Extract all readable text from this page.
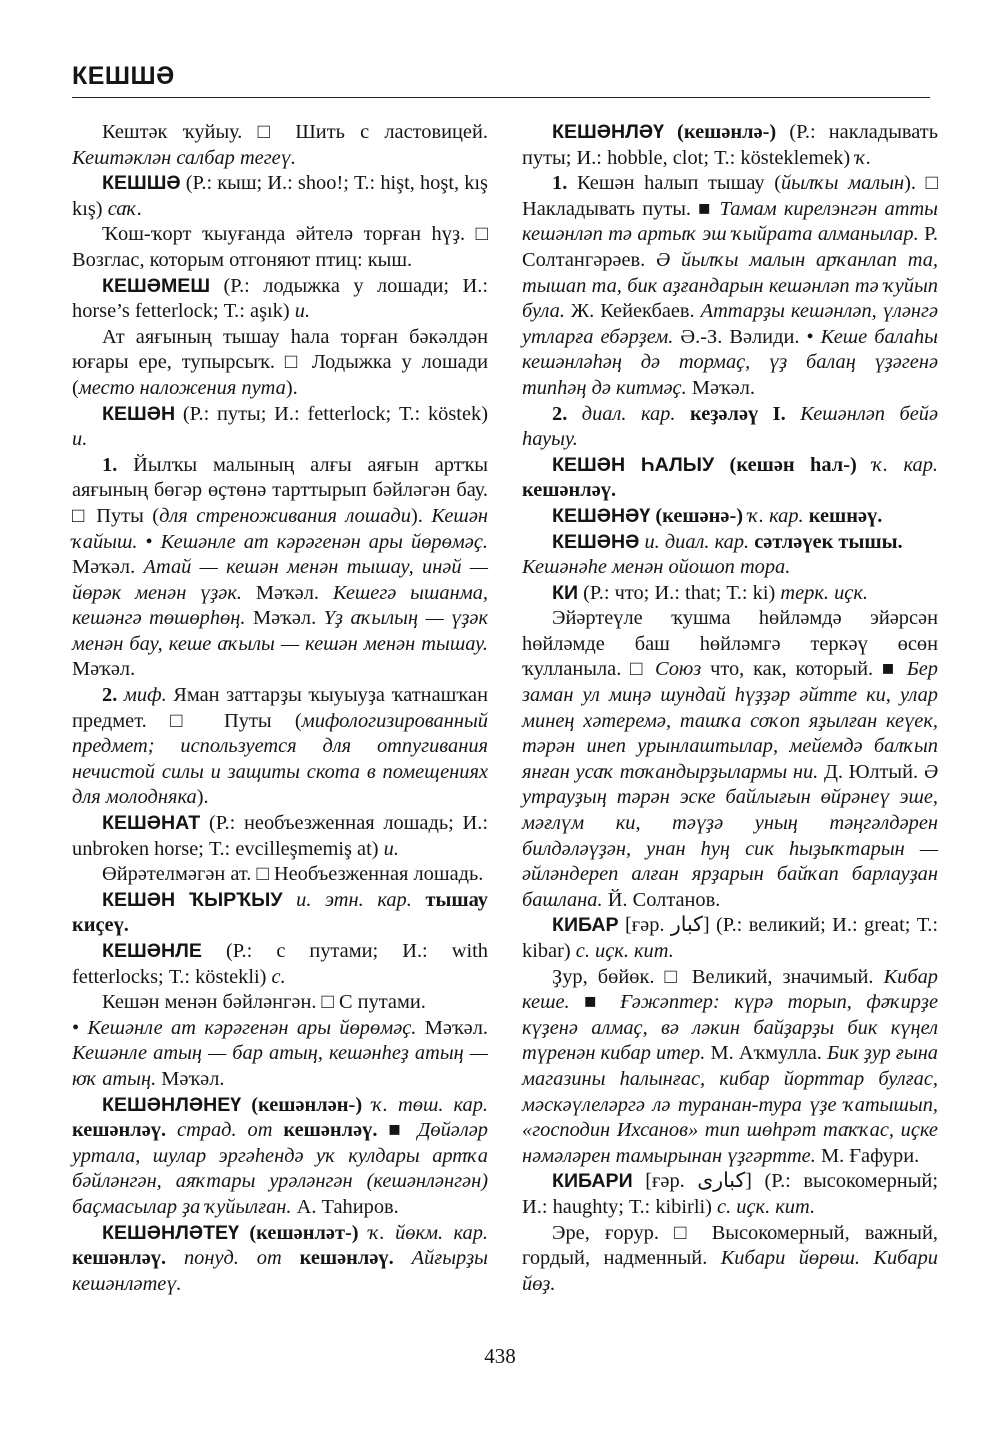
КЕШШӘ

Кештәк ҡуйыу. □ Шить с ластовицей. Кештәклән салбар тегеү.

КЕШШӘ (Р.: кыш; И.: shoo!; Т.: hişt, hoşt, kış kış) саҡ.

Ҡош-ҡорт ҡыуғанда әйтелә торған һүҙ. □ Возглас, которым отгоняют птиц: кыш.

КЕШӘМЕШ (Р.: лодыжка у лошади; И.: horse’s fetterlock; Т.: aşık) и.

Ат аяғының тышау һала торған бәкәлдән юғары ере, тупырсыҡ. □ Лодыжка у лошади (место наложения пута).

КЕШӘН (Р.: путы; И.: fetterlock; Т.: köstek) и.

1. Йылҡы малының алғы аяғын артҡы аяғының бөгәр өҫтөнә тарттырып бәйләгән бау. □ Путы (для стреноживания лошади). Кешән ҡайыш. • Кешәнле ат кәрәгенән ары йөрөмәҫ. Мәҡәл. Атай — кешән менән тышау, инәй — йөрәк менән үҙәк. Мәҡәл. Кешегә ышанма, кешәнгә төшөрһөң. Мәҡәл. Үҙ аҡылың — үҙәк менән бау, кеше аҡылы — кешән менән тышау. Мәҡәл.

2. миф. Яман заттарҙы ҡыуыуҙа ҡатнашҡан предмет. □ Путы (мифологизированный предмет; используется для отпугивания нечистой силы и защиты скота в помещениях для молодняка).

КЕШӘНАТ (Р.: необъезженная лошадь; И.: unbroken horse; Т.: evcilleşmemiş at) и.

Өйрәтелмәгән ат. □ Необъезженная лошадь.

КЕШӘН ҠЫРҠЫУ и. этн. кар. тышау киҫеү.

КЕШӘНЛЕ (Р.: с путами; И.: with fetterlocks; Т.: köstekli) с.

Кешән менән бәйләнгән. □ С путами.

• Кешәнле ат кәрәгенән ары йөрөмәҫ. Мәҡәл. Кешәнле атың — бар атың, кешәнһеҙ атың — юҡ атың. Мәҡәл.

КЕШӘНЛӘНЕҮ (кешәнлән-) ҡ. төш. кар. кешәнләү. страд. от кешәнләү. ■ Дөйәләр уртала, шулар эргәһендә уҡ кулдары артҡа бәйләнгән, аяҡтары урәләнгән (кешәнләнгән) баҫмасылар ҙа ҡуйылған. А. Таһиров.

КЕШӘНЛӘТЕҮ (кешәнләт-) ҡ. йөкм. кар. кешәнләү. понуд. от кешәнләү. Айғырҙы кешәнләтеү.

КЕШӘНЛӘҮ (кешәнлә-) (Р.: накладывать путы; И.: hobble, clot; Т.: kösteklemek) ҡ.

1. Кешән һалып тышау (йылҡы малын). □ Накладывать путы. ■ Тамам кирелэнгән атты кешәнләп тә артыҡ эш ҡыйрата алманылар. Р. Солтангәрәев. Ә йылҡы малын арҡанлап та, тышап та, бик аҙғандарын кешәнләп тә ҡуйып була. Ж. Кейекбаев. Аттарҙы кешәнләп, үләнгә утларға ебәрҙем. Ә.-З. Вәлиди. • Кеше балаһы кешәнләһәң дә тормаҫ, үҙ балаң үҙәгенә типһәң дә китмәҫ. Мәҡәл.

2. диал. кар. кеҙәләү I. Кешәнләп бейә һауыу.

КЕШӘН ҺАЛЫУ (кешән һал-) ҡ. кар. кешәнләү.

КЕШӘНӘҮ (кешәнә-) ҡ. кар. кешнәү.

КЕШӘНӘ и. диал. кар. сәтләүек тышы.

Кешәнәһе менән ойошоп тора.

КИ (Р.: что; И.: that; Т.: ki) терк. иҫк.

Эйәртеүле ҡушма һөйләмдә эйәрсән һөйләмде баш һөйләмгә теркәү өсөн ҡулланыла. □ Союз что, как, который. ■ Бер заман ул миңә шундай һүҙҙәр әйтте ки, улар минең хәтеремә, ташҡа соҡоп яҙылған кеүек, тәрән инеп урынлаштылар, мейемдә балҡып янған усаҡ тоҡандырҙылармы ни. Д. Юлтый. Ә утрауҙың тәрән эске байлығын өйрәнеү эше, мәғлүм ки, тәүҙә уның тәңгәлдәрен билдәләүҙән, унан һуң сик һыҙыҡтарын — әйләндереп алған ярҙарын байҡап барлауҙан башлана. Й. Солтанов.

КИБАР [ғәр. كبار] (Р.: великий; И.: great; Т.: kibar) с. иҫк. кит.

Ҙур, бөйөк. □ Великий, значимый. Кибар кеше. ■ Ғәжәптер: күрә торып, фәҡирҙе күҙенә алмаҫ, вә ләкин байҙарҙы бик күңел түренән кибар итер. М. Аҡмулла. Бик ҙур ғына магазины һалынғас, кибар йорттар булғас, мәскәүлеләргә лә туранан-тура үҙе ҡатышып, «господин Ихсанов» тип шөһрәт таҡҡас, иҫке нәмәләрен тамырынан үҙгәртте. М. Ғафури.

КИБАРИ [ғәр. كبارى] (Р.: высокомерный; И.: haughty; Т.: kibirli) с. иҫк. кит.

Эре, ғорур. □ Высокомерный, важный, гордый, надменный. Кибари йөрөш. Кибари йөҙ.

438
